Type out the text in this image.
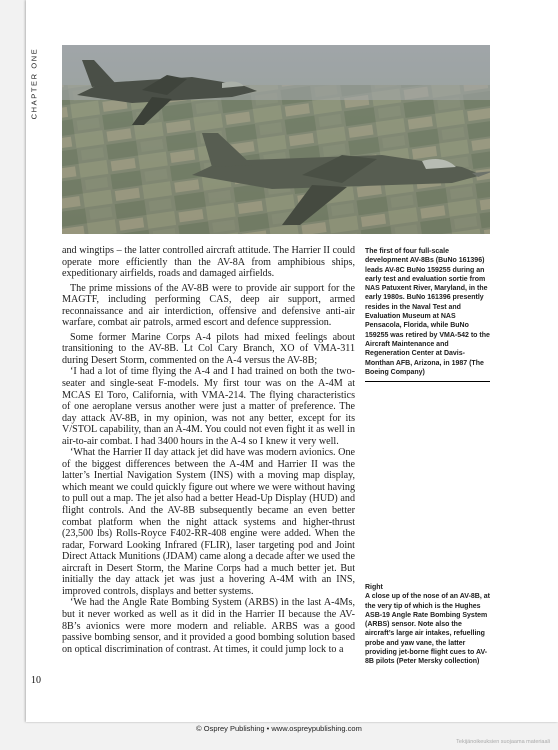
CHAPTER ONE

and wingtips – the latter controlled aircraft attitude. The Harrier II could operate more efficiently than the AV-8A from amphibious ships, expeditionary airfields, roads and damaged airfields.

The prime missions of the AV-8B were to provide air support for the MAGTF, including performing CAS, deep air support, armed reconnaissance and air interdiction, offensive and defensive anti-air warfare, combat air patrols, armed escort and defence suppression.

Some former Marine Corps A-4 pilots had mixed feelings about transitioning to the AV-8B. Lt Col Cary Branch, XO of VMA-311 during Desert Storm, commented on the A-4 versus the AV-8B;

‘I had a lot of time flying the A-4 and I had trained on both the two-seater and single-seat F-models. My first tour was on the A-4M at MCAS El Toro, California, with VMA-214. The flying characteristics of one aeroplane versus another were just a matter of preference. The day attack AV-8B, in my opinion, was not any better, except for its V/STOL capability, than an A-4M. You could not even fight it as well in air-to-air combat. I had 3400 hours in the A-4 so I knew it very well.

‘What the Harrier II day attack jet did have was modern avionics. One of the biggest differences between the A-4M and Harrier II was the latter’s Inertial Navigation System (INS) with a moving map display, which meant we could quickly figure out where we were without having to pull out a map. The jet also had a better Head-Up Display (HUD) and flight controls. And the AV-8B subsequently became an even better combat platform when the night attack systems and higher-thrust (23,500 lbs) Rolls-Royce F402-RR-408 engine were added. When the radar, Forward Looking Infrared (FLIR), laser targeting pod and Joint Direct Attack Munitions (JDAM) came along a decade after we used the aircraft in Desert Storm, the Marine Corps had a much better jet. But initially the day attack jet was just a hovering A-4M with an INS, improved controls, displays and better systems.

‘We had the Angle Rate Bombing System (ARBS) in the last A-4Ms, but it never worked as well as it did in the Harrier II because the AV-8B’s avionics were more modern and reliable. ARBS was a good passive bombing sensor, and it provided a good bombing solution based on optical discrimination of contrast. At times, it could jump lock to a

The first of four full-scale development AV-8Bs (BuNo 161396) leads AV-8C BuNo 159255 during an early test and evaluation sortie from NAS Patuxent River, Maryland, in the early 1980s. BuNo 161396 presently resides in the Naval Test and Evaluation Museum at NAS Pensacola, Florida, while BuNo 159255 was retired by VMA-542 to the Aircraft Maintenance and Regeneration Center at Davis-Monthan AFB, Arizona, in 1987 (The Boeing Company)
Right
A close up of the nose of an AV-8B, at the very tip of which is the Hughes ASB-19 Angle Rate Bombing System (ARBS) sensor. Note also the aircraft’s large air intakes, refuelling probe and yaw vane, the latter providing jet-borne flight cues to AV-8B pilots (Peter Mersky collection)
10
© Osprey Publishing • www.ospreypublishing.com
Tekijänoikeuksien suojaama materiaali
